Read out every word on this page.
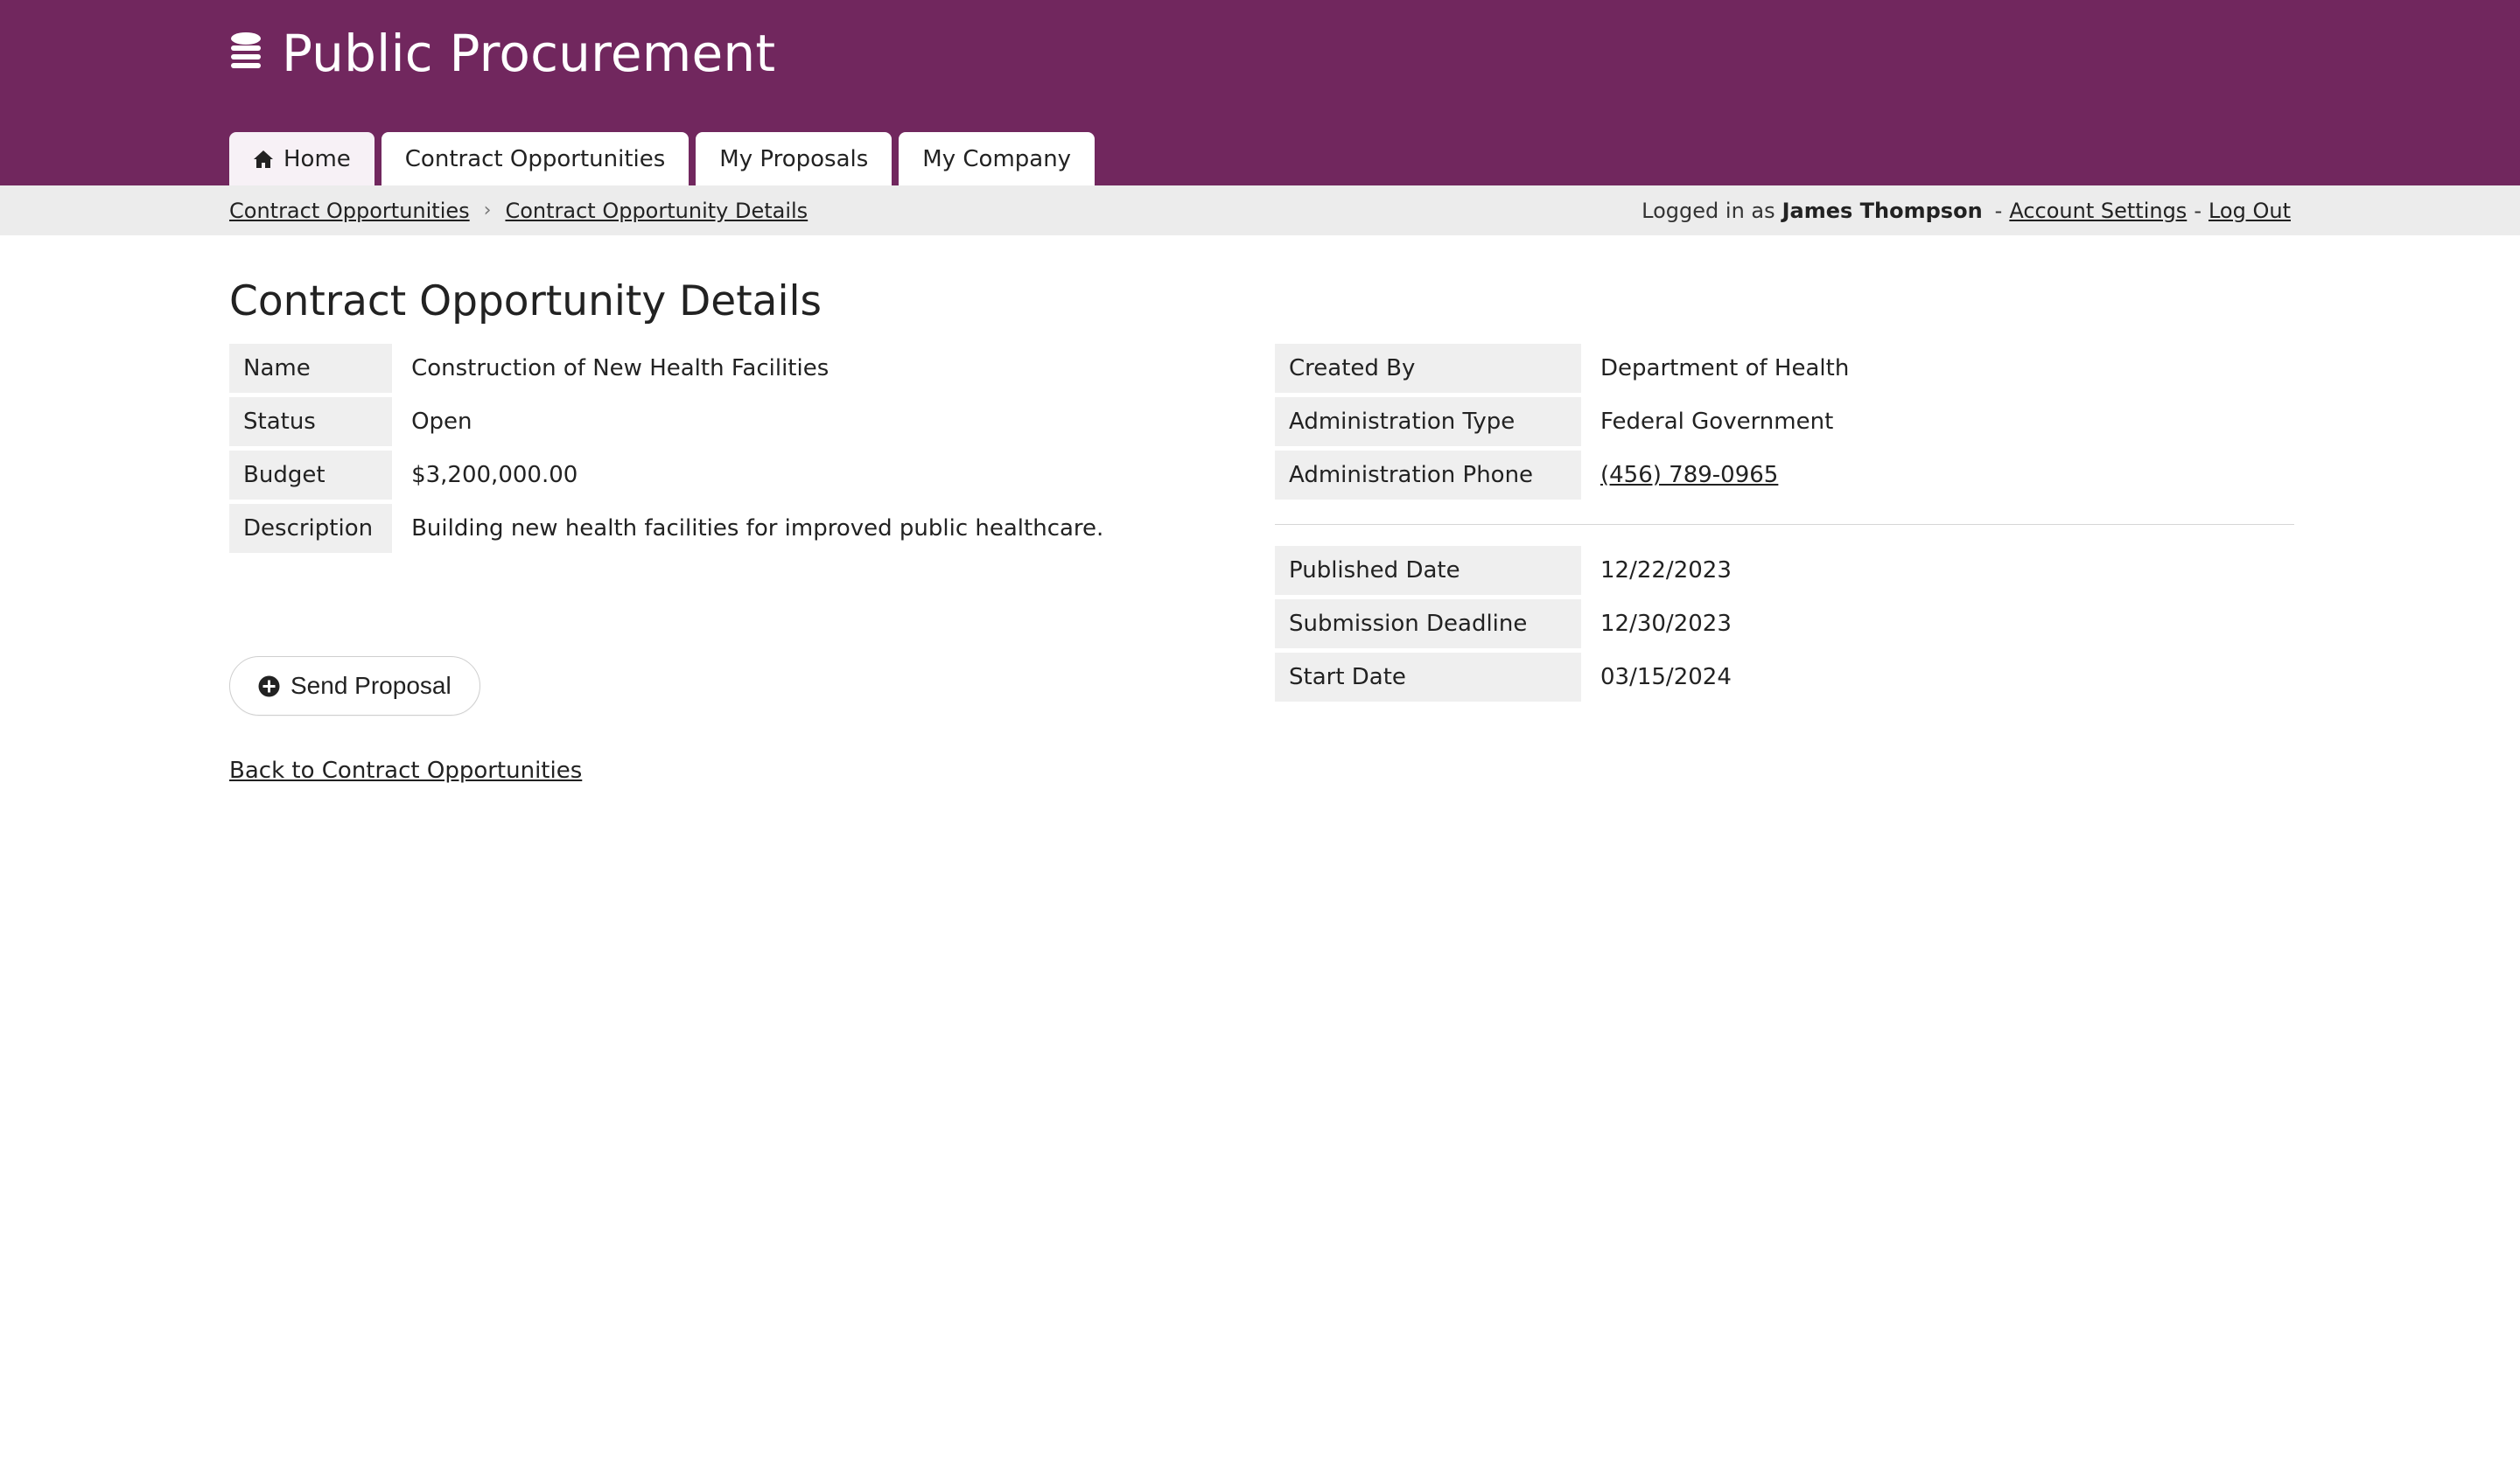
Public Procurement
Home Contract Opportunities My Proposals My Company
Contract Opportunities › Contract Opportunity Details	Logged in as James Thompson - Account Settings - Log Out
Contract Opportunity Details
Name	Construction of New Health Facilities
Status	Open
Budget	$3,200,000.00
Description	Building new health facilities for improved public healthcare.
Send Proposal
Back to Contract Opportunities
Created By	Department of Health
Administration Type	Federal Government
Administration Phone	(456) 789-0965
Published Date	12/22/2023
Submission Deadline	12/30/2023
Start Date	03/15/2024
